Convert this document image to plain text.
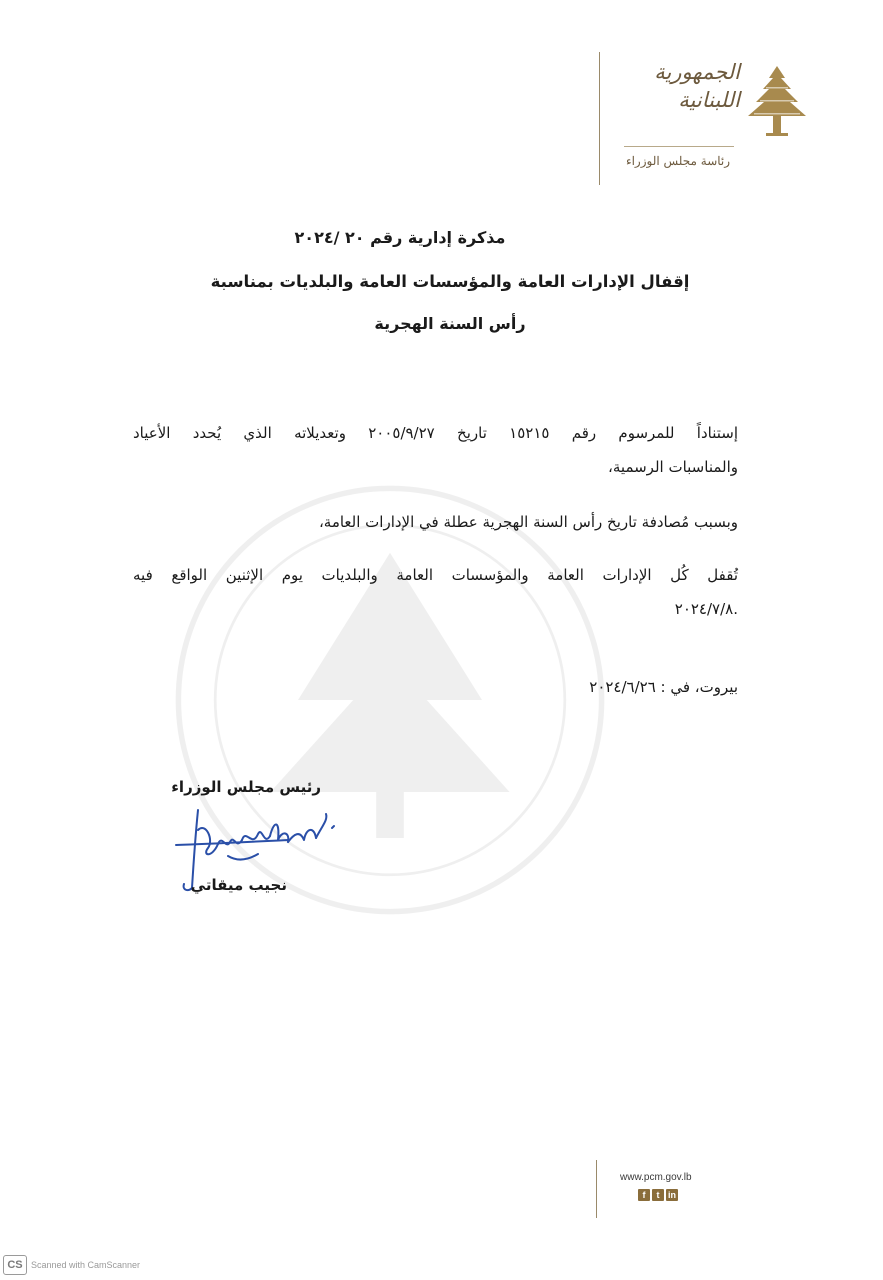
الجمهورية اللبنانية
رئاسة مجلس الوزراء
مذكرة إدارية رقم ٢٠ /٢٠٢٤
إقفال الإدارات العامة والمؤسسات العامة والبلديات بمناسبة
رأس السنة الهجرية
إستناداً للمرسوم رقم ١٥٢١٥ تاريخ ٢٠٠٥/٩/٢٧ وتعديلاته الذي يُحدد الأعياد
والمناسبات الرسمية،
وبسبب مُصادفة تاريخ رأس السنة الهجرية عطلة في الإدارات العامة،
تُقفل كُل الإدارات العامة والمؤسسات العامة والبلديات يوم الإثنين الواقع فيه
٢٠٢٤/٧/٨.
بيروت، في : ٢٠٢٤/٦/٢٦
رئيس مجلس الوزراء
نجيب ميقاتي
www.pcm.gov.lb
f	t in
CS Scanned with CamScanner
